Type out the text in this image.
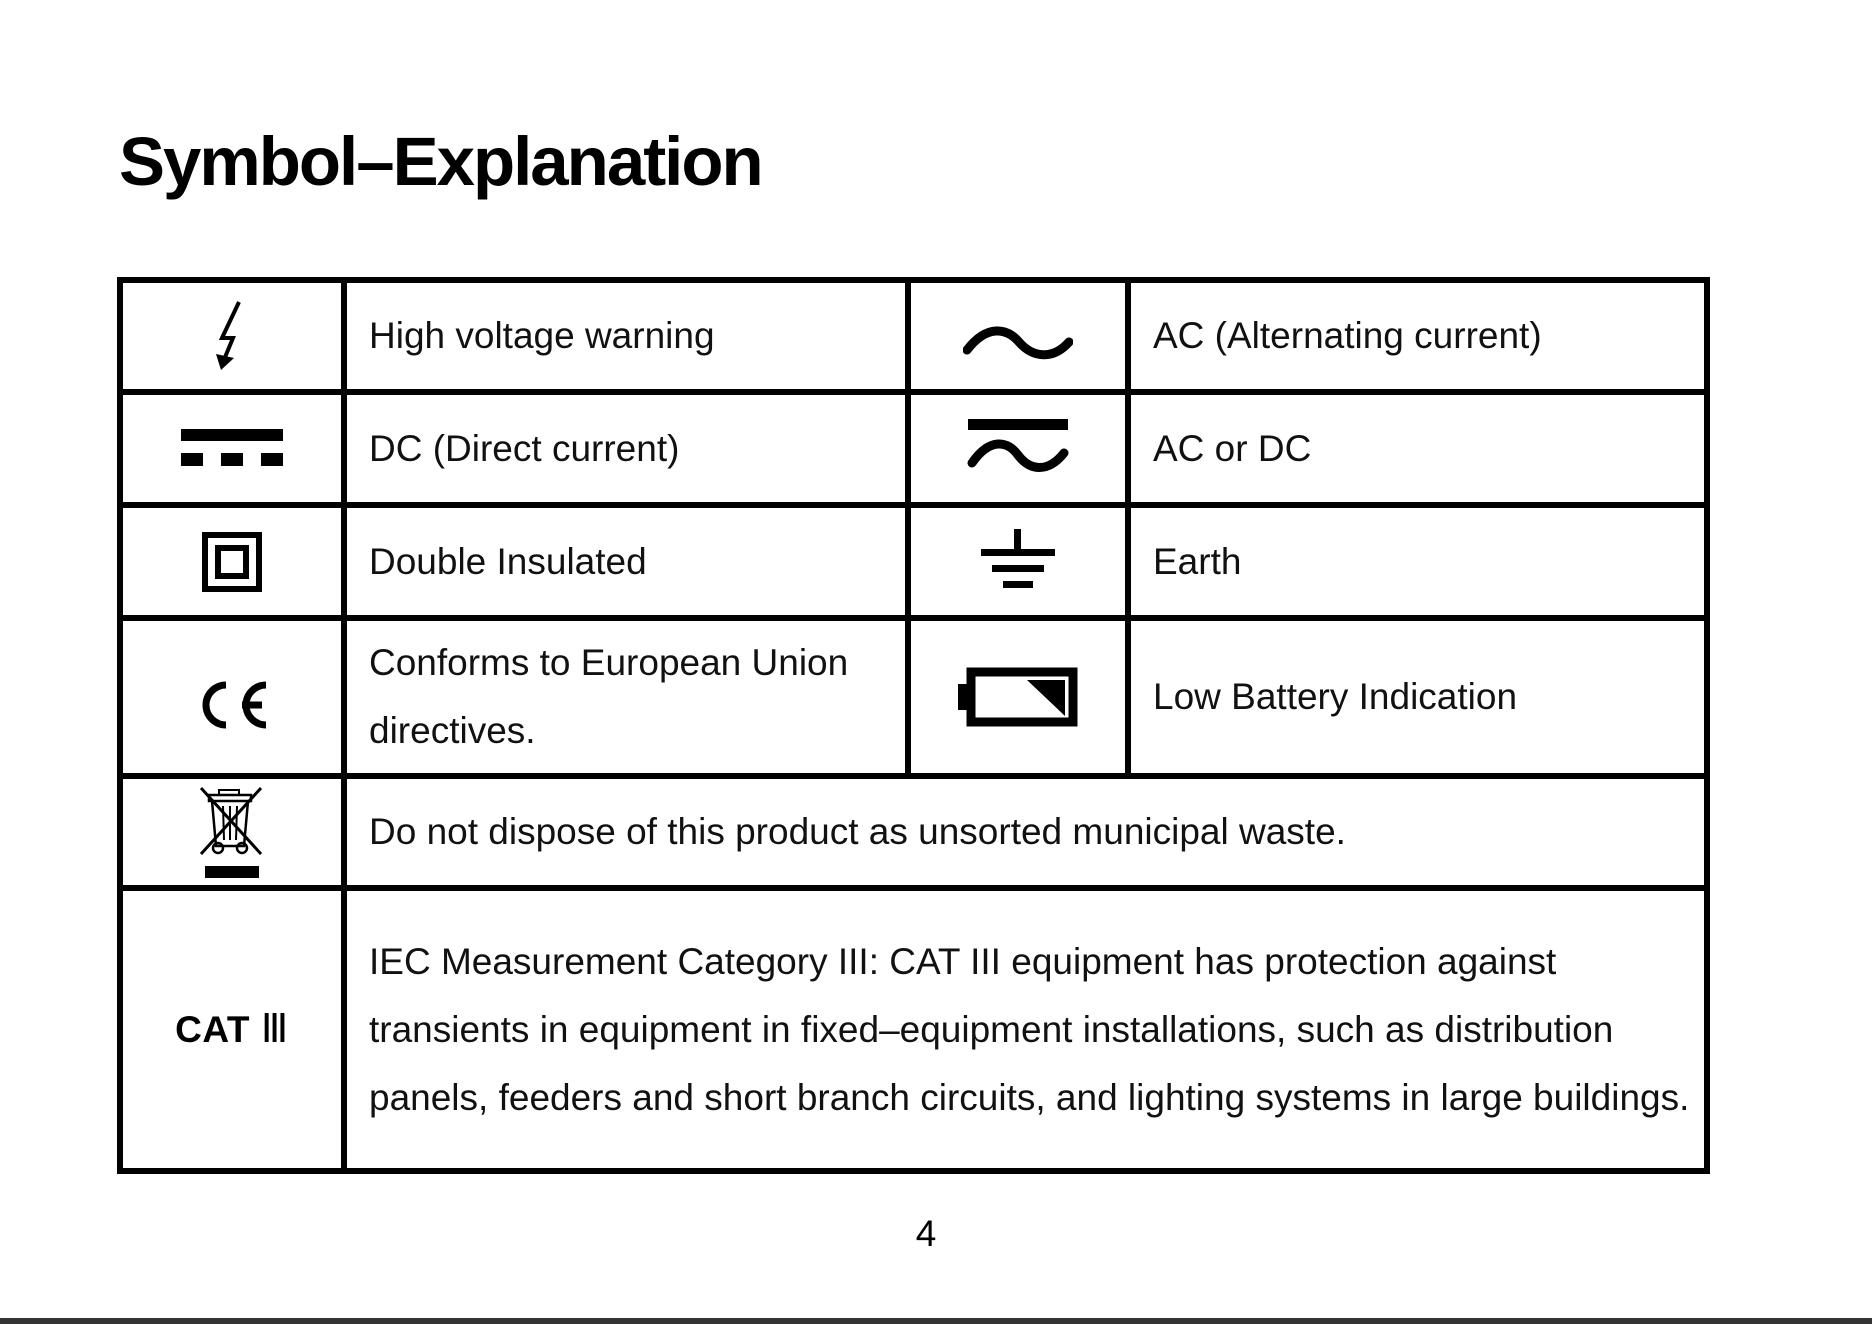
Symbol–Explanation
	High voltage warning		AC (Alternating current)

	DC (Direct current)		AC or DC

	Double Insulated		Earth

	Conforms to European Union directives.		Low Battery Indication

	Do not dispose of this product as unsorted municipal waste.		
CAT Ⅲ	IEC Measurement Category III: CAT III equipment has protection against transients in equipment in fixed–equipment installations, such as distribution panels, feeders and short branch circuits, and lighting systems in large buildings.		
4
